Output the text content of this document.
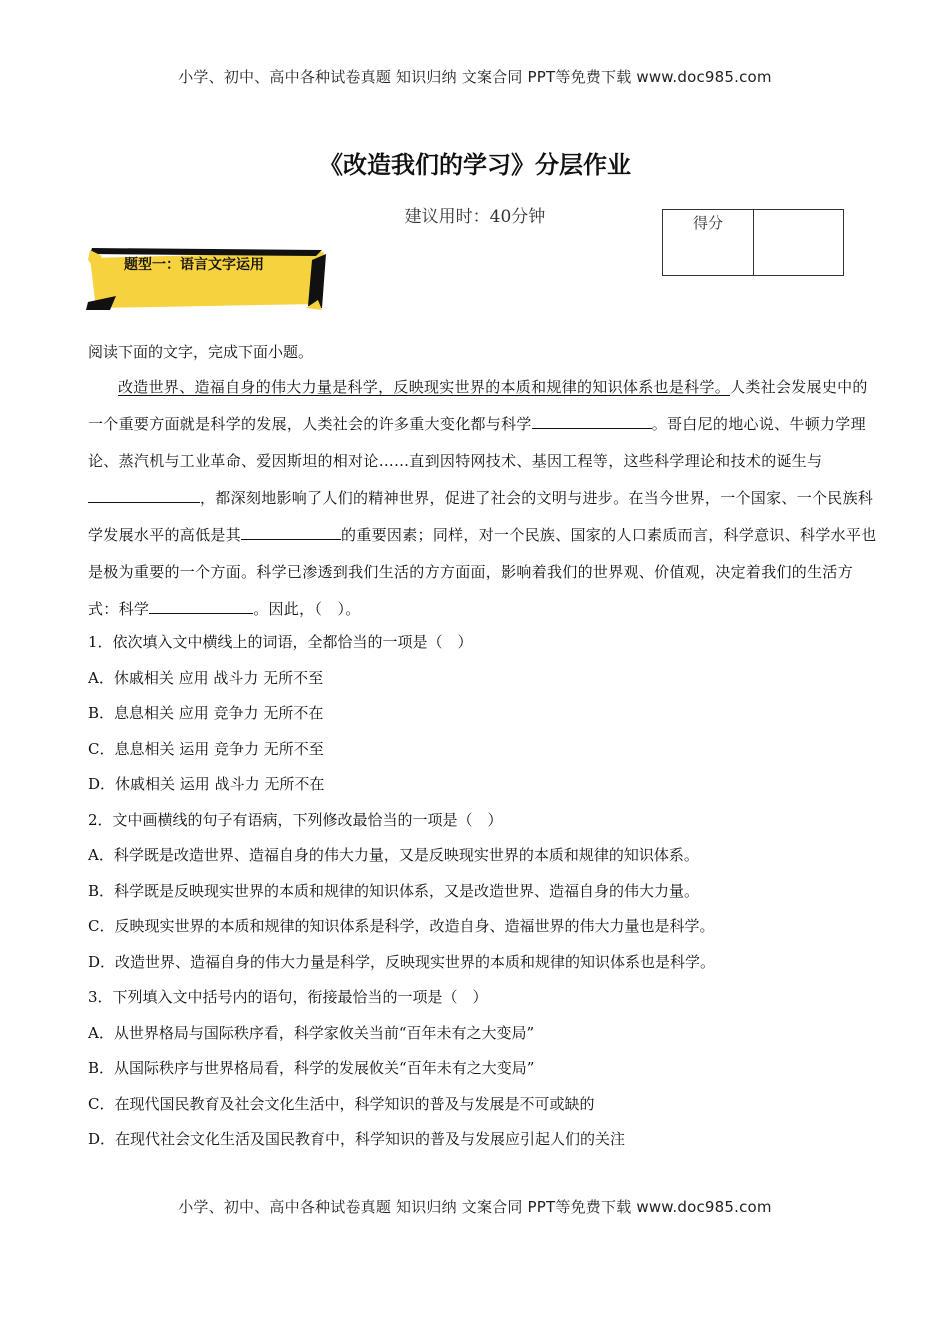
小学、初中、高中各种试卷真题 知识归纳 文案合同 PPT等免费下载 www.doc985.com
《改造我们的学习》分层作业
建议用时：40分钟	得分
题型一：语言文字运用

阅读下面的文字，完成下面小题。

改造世界、造福自身的伟大力量是科学，反映现实世界的本质和规律的知识体系也是科学。人类社会发展史中的一个重要方面就是科学的发展，人类社会的许多重大变化都与科学	。哥白尼的地心说、牛顿力学理论、蒸汽机与工业革命、爱因斯坦的相对论……直到因特网技术、基因工程等，这些科学理论和技术的诞生与，都深刻地影响了人们的精神世界，促进了社会的文明与进步。在当今世界，一个国家、一个民族科学发展水平的高低是其	的重要因素；同样，对一个民族、国家的人口素质而言，科学意识、科学水平也是极为重要的一个方面。科学已渗透到我们生活的方方面面，影响着我们的世界观、价值观，决定着我们的生活方式：科学	。因此，（　）。

1．依次填入文中横线上的词语，全都恰当的一项是（　）

A．休戚相关 应用 战斗力 无所不至

B．息息相关 应用 竞争力 无所不在

C．息息相关 运用 竞争力 无所不至

D．休戚相关 运用 战斗力 无所不在

2．文中画横线的句子有语病，下列修改最恰当的一项是（　）

A．科学既是改造世界、造福自身的伟大力量，又是反映现实世界的本质和规律的知识体系。

B．科学既是反映现实世界的本质和规律的知识体系，又是改造世界、造福自身的伟大力量。

C．反映现实世界的本质和规律的知识体系是科学，改造自身、造福世界的伟大力量也是科学。

D．改造世界、造福自身的伟大力量是科学，反映现实世界的本质和规律的知识体系也是科学。

3．下列填入文中括号内的语句，衔接最恰当的一项是（　）

A．从世界格局与国际秩序看，科学家攸关当前“百年未有之大变局”

B．从国际秩序与世界格局看，科学的发展攸关“百年未有之大变局”

C．在现代国民教育及社会文化生活中，科学知识的普及与发展是不可或缺的

D．在现代社会文化生活及国民教育中，科学知识的普及与发展应引起人们的关注

小学、初中、高中各种试卷真题 知识归纳 文案合同 PPT等免费下载 www.doc985.com
